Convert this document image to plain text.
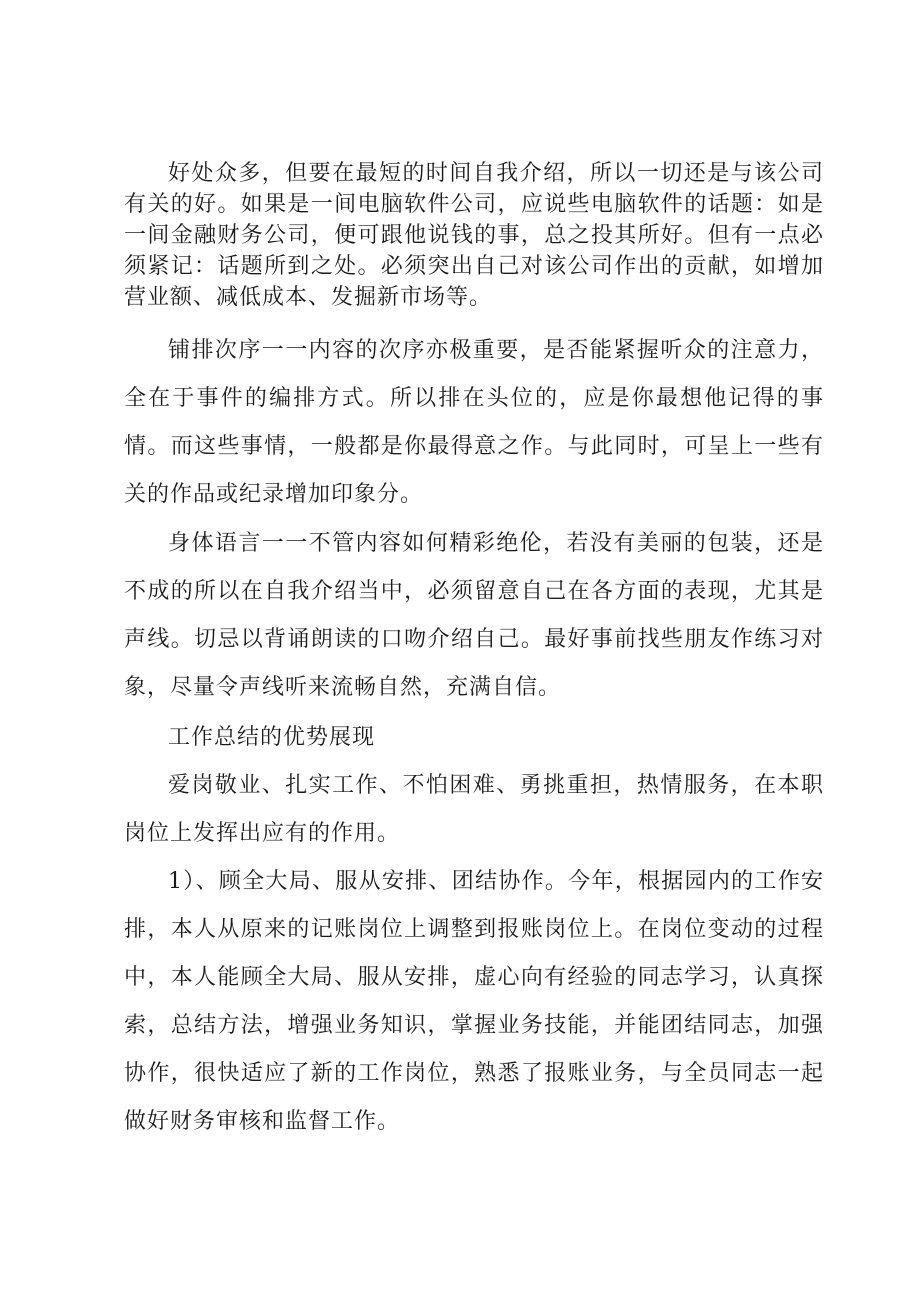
好处众多，但要在最短的时间自我介绍，所以一切还是与该公司有关的好。如果是一间电脑软件公司，应说些电脑软件的话题：如是一间金融财务公司，便可跟他说钱的事，总之投其所好。但有一点必须紧记：话题所到之处。必须突出自己对该公司作出的贡献，如增加营业额、减低成本、发掘新市场等。

铺排次序一一内容的次序亦极重要，是否能紧握听众的注意力，全在于事件的编排方式。所以排在头位的，应是你最想他记得的事情。而这些事情，一般都是你最得意之作。与此同时，可呈上一些有关的作品或纪录增加印象分。

身体语言一一不管内容如何精彩绝伦，若没有美丽的包装，还是不成的所以在自我介绍当中，必须留意自己在各方面的表现，尤其是声线。切忌以背诵朗读的口吻介绍自己。最好事前找些朋友作练习对象，尽量令声线听来流畅自然，充满自信。

工作总结的优势展现

爱岗敬业、扎实工作、不怕困难、勇挑重担，热情服务，在本职岗位上发挥出应有的作用。

1）、顾全大局、服从安排、团结协作。今年，根据园内的工作安排，本人从原来的记账岗位上调整到报账岗位上。在岗位变动的过程中，本人能顾全大局、服从安排，虚心向有经验的同志学习，认真探索，总结方法，增强业务知识，掌握业务技能，并能团结同志，加强协作，很快适应了新的工作岗位，熟悉了报账业务，与全员同志一起做好财务审核和监督工作。
